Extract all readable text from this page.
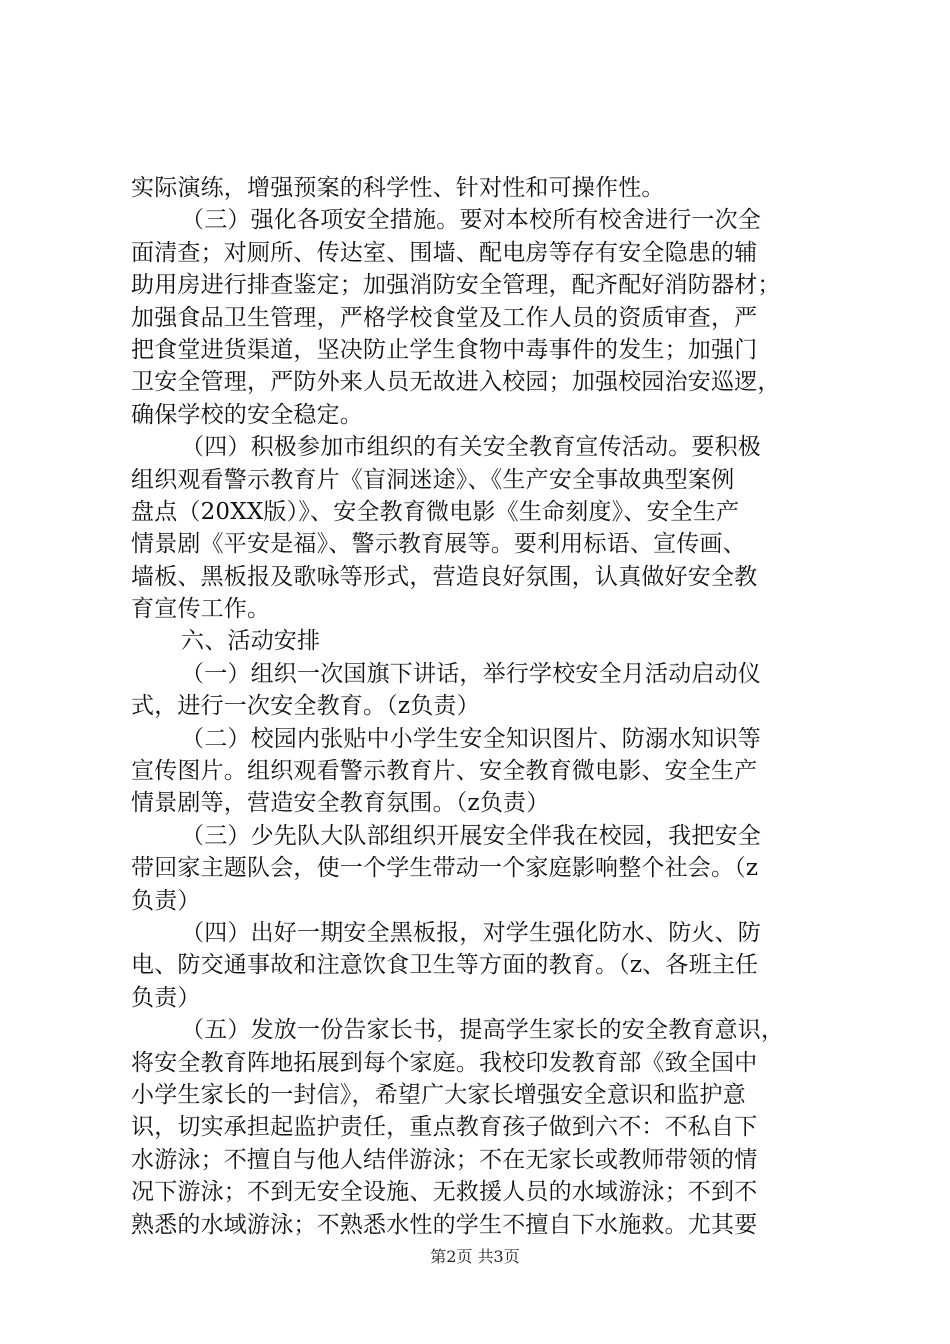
实际演练，增强预案的科学性、针对性和可操作性。
（三）强化各项安全措施。要对本校所有校舍进行一次全
面清查；对厕所、传达室、围墙、配电房等存有安全隐患的辅
助用房进行排查鉴定；加强消防安全管理，配齐配好消防器材；
加强食品卫生管理，严格学校食堂及工作人员的资质审查，严
把食堂进货渠道，坚决防止学生食物中毒事件的发生；加强门
卫安全管理，严防外来人员无故进入校园；加强校园治安巡逻，
确保学校的安全稳定。
（四）积极参加市组织的有关安全教育宣传活动。要积极
组织观看警示教育片《盲洞迷途》、《生产安全事故典型案例
盘点（20XX版）》、安全教育微电影《生命刻度》、安全生产
情景剧《平安是福》、警示教育展等。要利用标语、宣传画、
墙板、黑板报及歌咏等形式，营造良好氛围，认真做好安全教
育宣传工作。
六、活动安排
（一）组织一次国旗下讲话，举行学校安全月活动启动仪
式，进行一次安全教育。（z负责）
（二）校园内张贴中小学生安全知识图片、防溺水知识等
宣传图片。组织观看警示教育片、安全教育微电影、安全生产
情景剧等，营造安全教育氛围。（z负责）
（三）少先队大队部组织开展安全伴我在校园，我把安全
带回家主题队会，使一个学生带动一个家庭影响整个社会。（z
负责）
（四）出好一期安全黑板报，对学生强化防水、防火、防
电、防交通事故和注意饮食卫生等方面的教育。（z、各班主任
负责）
（五）发放一份告家长书，提高学生家长的安全教育意识，
将安全教育阵地拓展到每个家庭。我校印发教育部《致全国中
小学生家长的一封信》，希望广大家长增强安全意识和监护意
识，切实承担起监护责任，重点教育孩子做到六不：不私自下
水游泳；不擅自与他人结伴游泳；不在无家长或教师带领的情
况下游泳；不到无安全设施、无救援人员的水域游泳；不到不
熟悉的水域游泳；不熟悉水性的学生不擅自下水施救。尤其要
第2页 共3页
